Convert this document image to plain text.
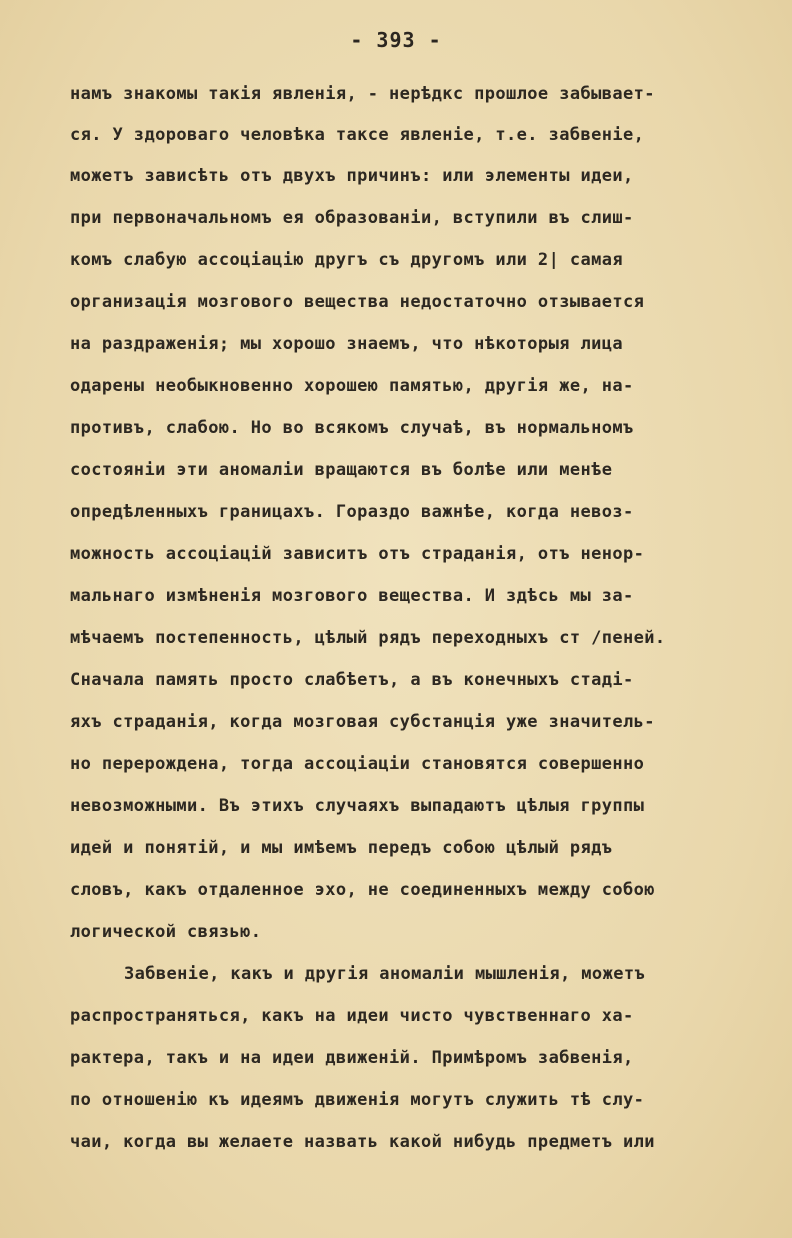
- 393 -
намъ знакомы такія явленія, - нерѣдкс прошлое забывает-
ся. У здороваго человѣка таксе явленіе, т.е. забвеніе,
можетъ зависѣть отъ двухъ причинъ: или элементы идеи,
при первоначальномъ ея образованіи, вступили въ слиш-
комъ слабую ассоціацію другъ съ другомъ или 2| самая
организація мозгового вещества недостаточно отзывается
на раздраженія; мы хорошо знаемъ, что нѣкоторыя лица
одарены необыкновенно хорошею памятью, другія же, на-
противъ, слабою. Но во всякомъ случаѣ, въ нормальномъ
состояніи эти аномаліи вращаются въ болѣе или менѣе
опредѣленныхъ границахъ. Гораздо важнѣе, когда невоз-
можность ассоціацій зависитъ отъ страданія, отъ ненор-
мальнаго измѣненія мозгового вещества. И здѣсь мы за-
мѣчаемъ постепенность, цѣлый рядъ переходныхъ ст /пеней.
Сначала память просто слабѣетъ, а въ конечныхъ стадi-
яхъ страданія, когда мозговая субстанція уже значитель-
но перерождена, тогда ассоціаціи становятся совершенно
невозможными. Въ этихъ случаяхъ выпадаютъ цѣлыя группы
идей и понятій, и мы имѣемъ передъ собою цѣлый рядъ
словъ, какъ отдаленное эхо, не соединенныхъ между собою
логической связью.
Забвеніе, какъ и другія аномаліи мышленія, можетъ
распространяться, какъ на идеи чисто чувственнаго ха-
рактера, такъ и на идеи движеній. Примѣромъ забвенія,
по отношенію къ идеямъ движенія могутъ служить тѣ слу-
чаи, когда вы желаете назвать какой нибудь предметъ или
